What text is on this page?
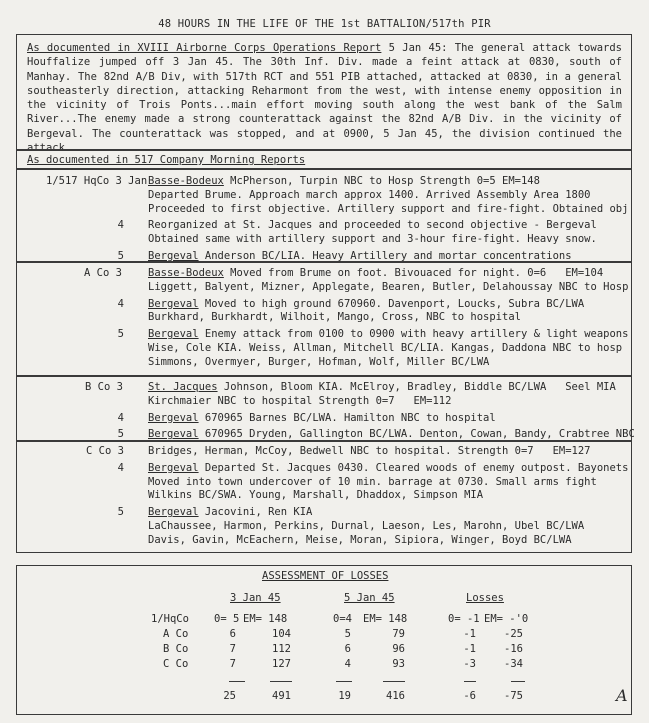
48 HOURS IN THE LIFE OF THE 1st BATTALION/517th PIR
As documented in XVIII Airborne Corps Operations Report 5 Jan 45: The general attack towards Houffalize jumped off 3 Jan 45. The 30th Inf. Div. made a feint attack at 0830, south of Manhay. The 82nd A/B Div, with 517th RCT and 551 PIB attached, attacked at 0830, in a general southeasterly direction, attacking Reharmont from the west, with intense enemy opposition in the vicinity of Trois Ponts...main effort moving south along the west bank of the Salm River...The enemy made a strong counterattack against the 82nd A/B Div. in the vicinity of Bergeval. The counterattack was stopped, and at 0900, 5 Jan 45, the division continued the
As documented in 517 Company Morning Reports
1/517 HqCo 3 Jan Basse-Bodeux McPherson, Turpin NBC to Hosp Strength 0=5 EM=148
Departed Brume. Approach march approx 1400. Arrived Assembly Area 1800
Proceeded to first objective. Artillery support and fire-fight. Obtained obj
4 Reorganized at St. Jacques and proceeded to second objective - Bergeval
Obtained same with artillery support and 3-hour fire-fight. Heavy snow.
5 Bergeval Anderson BC/LIA. Heavy Artillery and mortar concentrations
A Co 3 Basse-Bodeux Moved from Brume on foot. Bivouaced for night. 0=6   EM=104
Liggett, Balyent, Mizner, Applegate, Bearen, Butler, Delahoussay NBC to Hosp
4 Bergeval Moved to high ground 670960. Davenport, Loucks, Subra BC/LWA
Burkhard, Burkhardt, Wilhoit, Mango, Cross, NBC to hospital
5 Bergeval Enemy attack from 0100 to 0900 with heavy artillery & light weapons
Wise, Cole KIA. Weiss, Allman, Mitchell BC/LIA. Kangas, Daddona NBC to hosp
Simmons, Overmyer, Burger, Hofman, Wolf, Miller BC/LWA
B Co 3 St. Jacques Johnson, Bloom KIA. McElroy, Bradley, Biddle BC/LWA   Seel MIA
Kirchmaier NBC to hospital Strength 0=7   EM=112
4 Bergeval 670965 Barnes BC/LWA. Hamilton NBC to hospital
5 Bergeval 670965 Dryden, Gallington BC/LWA. Denton, Cowan, Bandy, Crabtree NBC
C Co 3 Bridges, Herman, McCoy, Bedwell NBC to hospital. Strength 0=7   EM=127
4 Bergeval Departed St. Jacques 0430. Cleared woods of enemy outpost. Bayonets
Moved into town undercover of 10 min. barrage at 0730. Small arms fight
Wilkins BC/SWA. Young, Marshall, Dhaddox, Simpson MIA
5 Bergeval Jacovini, Ren KIA
LaChaussee, Harmon, Perkins, Durnal, Laeson, Les, Marohn, Ubel BC/LWA
Davis, Gavin, McEachern, Meise, Moran, Sipiora, Winger, Boyd BC/LWA
ASSESSMENT OF LOSSES
3 Jan 45	5 Jan 45	Losses
1/HqCo 0= 5 EM= 148	0=4 EM= 148	0= -1 EM= -'0
A Co	6	104	5	79	-1	-25
B Co	7	112	6	96	-1	-16
C Co	7	127	4	93	-3	-34
25	491	19	416	-6	-75	A
